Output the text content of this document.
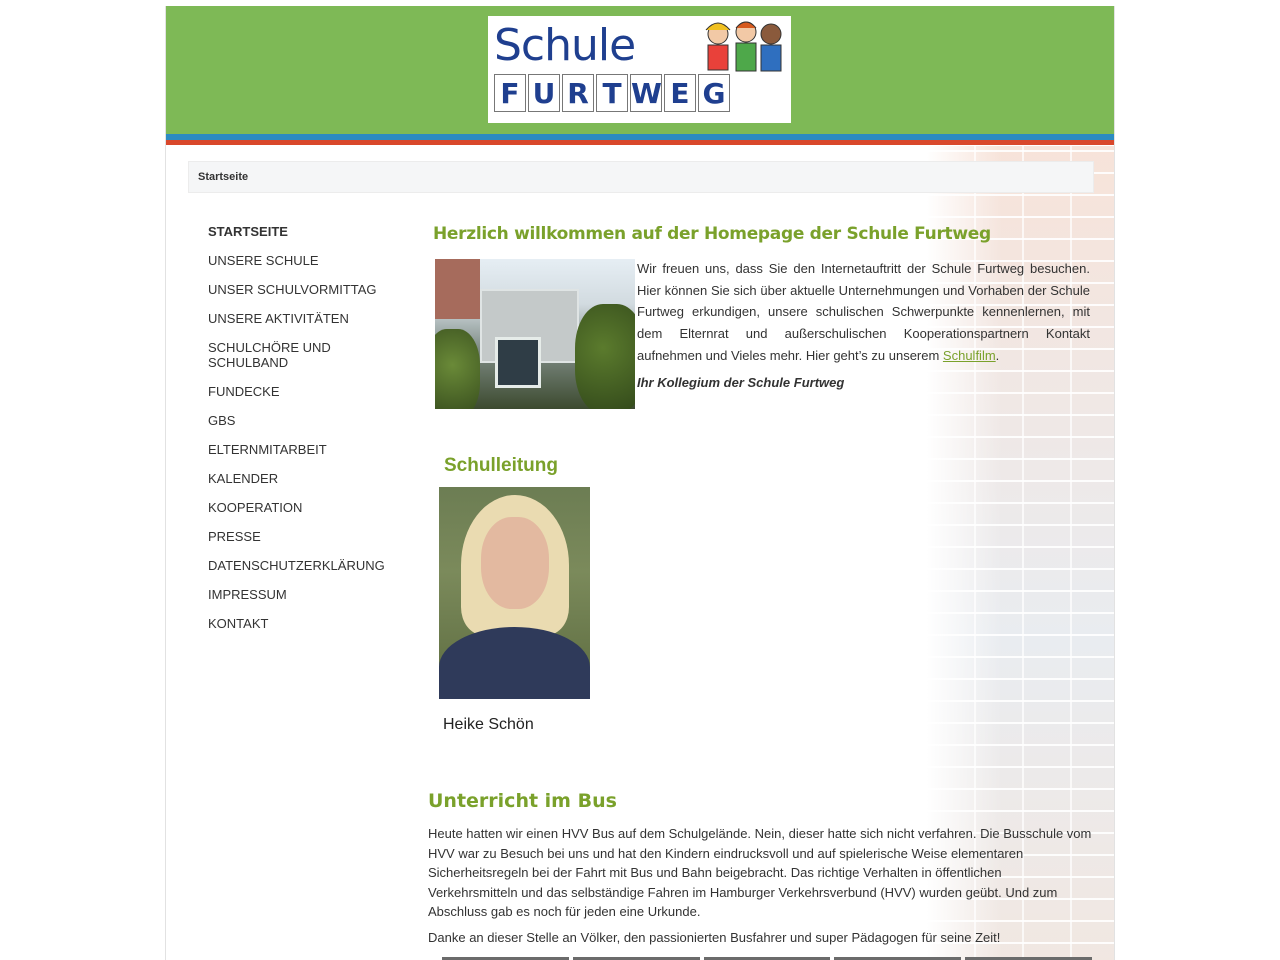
Schule
F U R T W E G
Startseite
STARTSEITE
UNSERE SCHULE
UNSER SCHULVORMITTAG
UNSERE AKTIVITÄTEN
SCHULCHÖRE UND SCHULBAND
FUNDECKE
GBS
ELTERNMITARBEIT
KALENDER
KOOPERATION
PRESSE
DATENSCHUTZERKLÄRUNG
IMPRESSUM
KONTAKT
Herzlich willkommen auf der Homepage der Schule Furtweg

Wir freuen uns, dass Sie den Internetauftritt der Schule Furtweg besuchen. Hier können Sie sich über aktuelle Unternehmungen und Vorhaben der Schule Furtweg erkundigen, unsere schulischen Schwerpunkte kennenlernen, mit dem Elternrat und außerschulischen Kooperationspartnern Kontakt aufnehmen und Vieles mehr. Hier geht’s zu unserem Schulfilm.

Ihr Kollegium der Schule Furtweg

Schulleitung

Heike Schön

Unterricht im Bus

Heute hatten wir einen HVV Bus auf dem Schulgelände. Nein, dieser hatte sich nicht verfahren. Die Busschule vom HVV war zu Besuch bei uns und hat den Kindern eindrucksvoll und auf spielerische Weise elementaren Sicherheitsregeln bei der Fahrt mit Bus und Bahn beigebracht. Das richtige Verhalten in öffentlichen Verkehrsmitteln und das selbständige Fahren im Hamburger Verkehrsverbund (HVV) wurden geübt. Und zum Abschluss gab es noch für jeden eine Urkunde.

Danke an dieser Stelle an Völker, den passionierten Busfahrer und super Pädagogen für seine Zeit!
